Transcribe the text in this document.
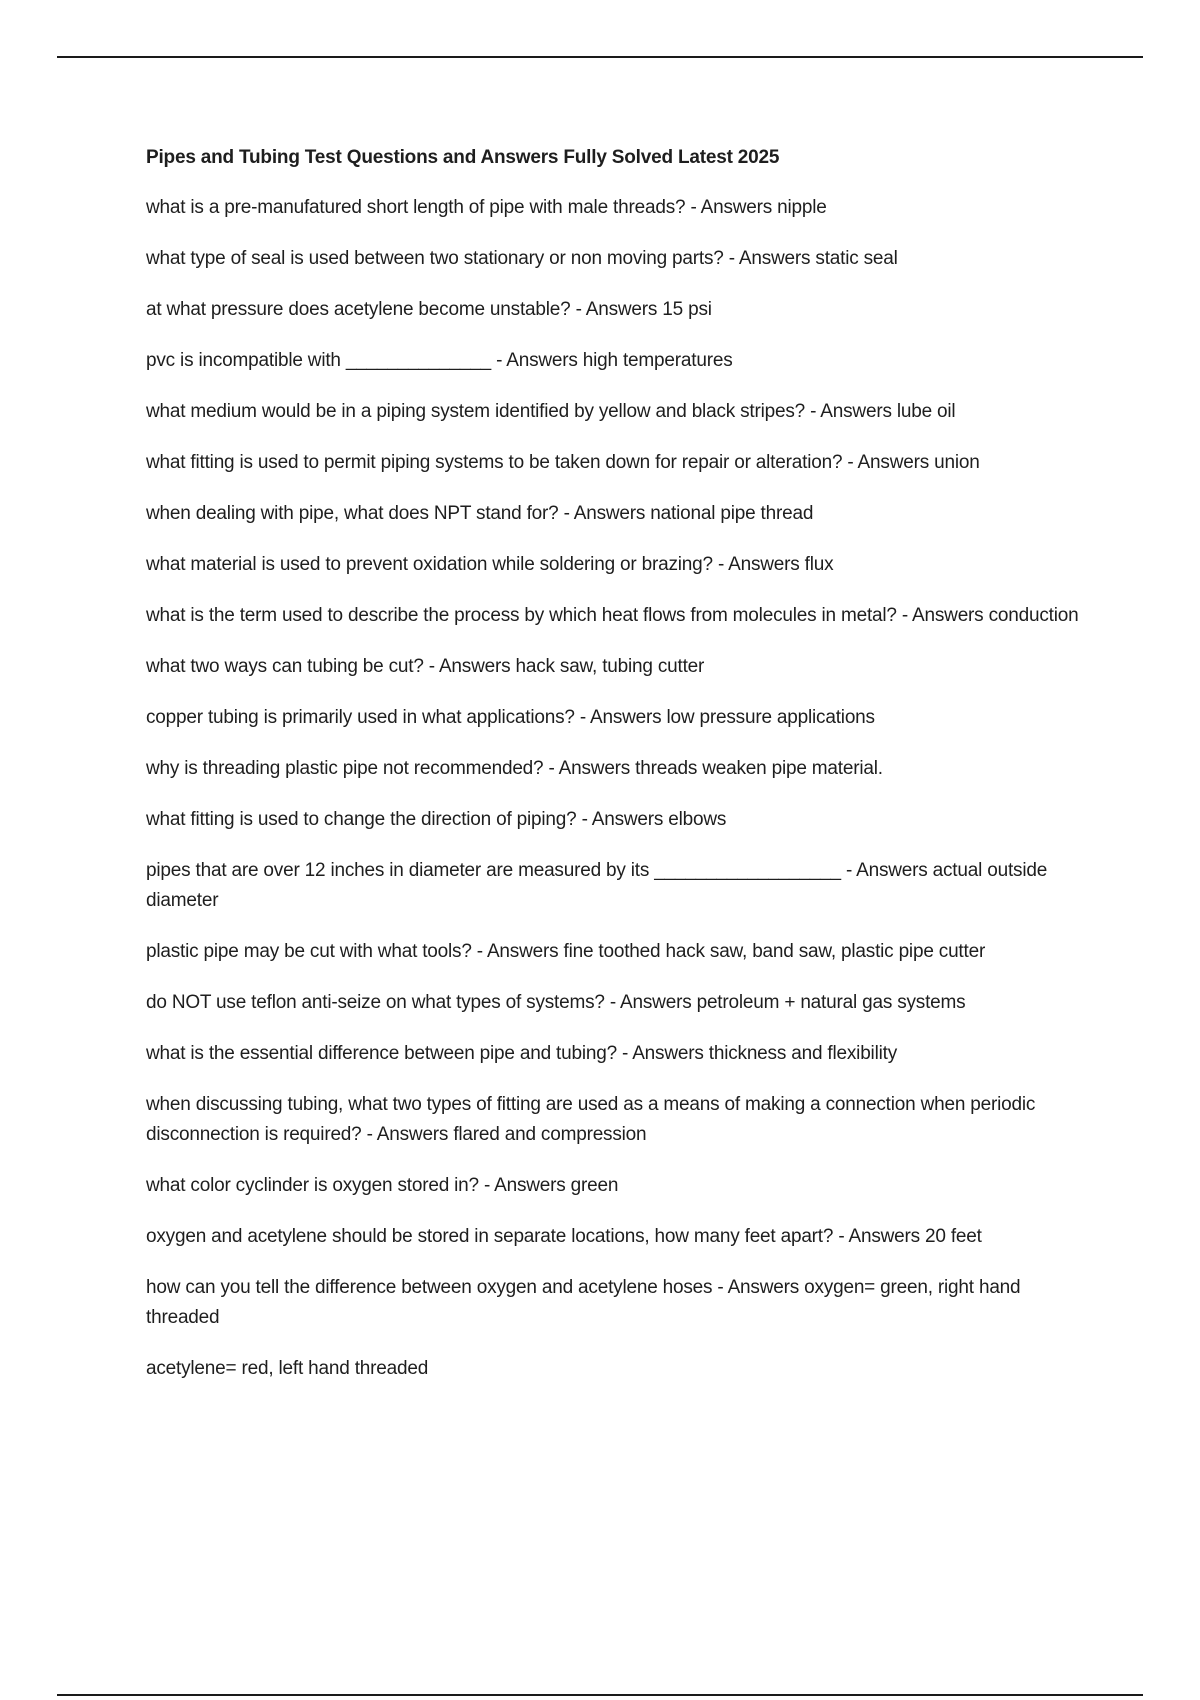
Pipes and Tubing Test Questions and Answers Fully Solved Latest 2025

what is a pre-manufatured short length of pipe with male threads? - Answers nipple

what type of seal is used between two stationary or non moving parts? - Answers static seal

at what pressure does acetylene become unstable? - Answers 15 psi

pvc is incompatible with ______________ - Answers high temperatures

what medium would be in a piping system identified by yellow and black stripes? - Answers lube oil

what fitting is used to permit piping systems to be taken down for repair or alteration? - Answers union

when dealing with pipe, what does NPT stand for? - Answers national pipe thread

what material is used to prevent oxidation while soldering or brazing? - Answers flux

what is the term used to describe the process by which heat flows from molecules in metal? - Answers conduction

what two ways can tubing be cut? - Answers hack saw, tubing cutter

copper tubing is primarily used in what applications? - Answers low pressure applications

why is threading plastic pipe not recommended? - Answers threads weaken pipe material.

what fitting is used to change the direction of piping? - Answers elbows

pipes that are over 12 inches in diameter are measured by its __________________ - Answers actual outside diameter

plastic pipe may be cut with what tools? - Answers fine toothed hack saw, band saw, plastic pipe cutter

do NOT use teflon anti-seize on what types of systems? - Answers petroleum + natural gas systems

what is the essential difference between pipe and tubing? - Answers thickness and flexibility

when discussing tubing, what two types of fitting are used as a means of making a connection when periodic disconnection is required? - Answers flared and compression

what color cyclinder is oxygen stored in? - Answers green

oxygen and acetylene should be stored in separate locations, how many feet apart? - Answers 20 feet

how can you tell the difference between oxygen and acetylene hoses - Answers oxygen= green, right hand threaded

acetylene= red, left hand threaded
